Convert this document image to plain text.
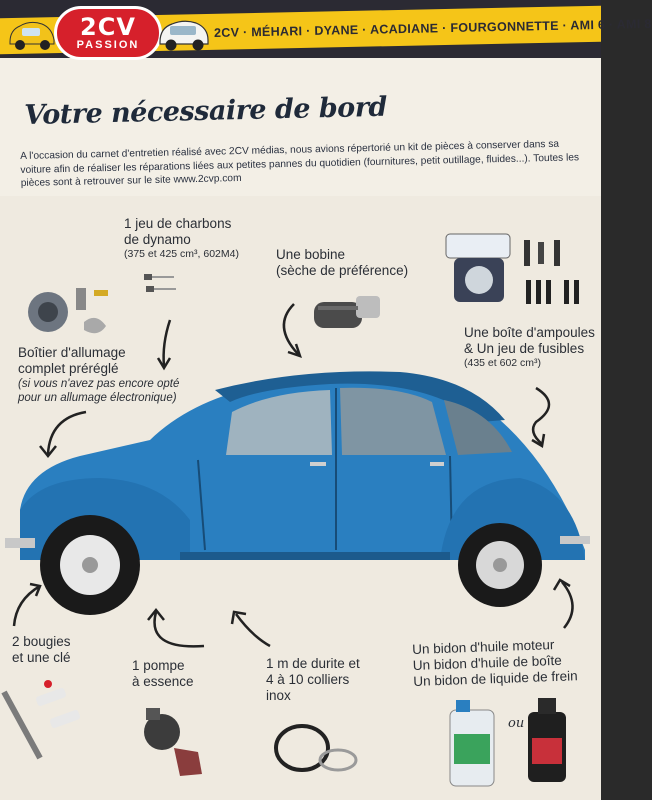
2CV
PASSION
2CV · MÉHARI · DYANE · ACADIANE · FOURGONNETTE · AMI 6 · AMI 8
Votre nécessaire de bord
A l'occasion du carnet d'entretien réalisé avec 2CV médias, nous avions répertorié un kit de pièces à conserver dans sa voiture afin de réaliser les réparations liées aux petites pannes du quotidien (fournitures, petit outillage, fluides...). Toutes les pièces sont à retrouver sur le site www.2cvp.com
1 jeu de charbons
de dynamo
(375 et 425 cm³, 602M4)	Une bobine
(sèche de préférence)
Boîtier d'allumage
complet préréglé
(si vous n'avez pas encore opté
pour un allumage électronique)
Une boîte d'ampoules
& Un jeu de fusibles
(435 et 602 cm³)
2 bougies
et une clé
1 pompe
à essence
1 m de durite et
4 à 10 colliers
inox
Un bidon d'huile moteur
Un bidon d'huile de boîte
Un bidon de liquide de frein
ou
